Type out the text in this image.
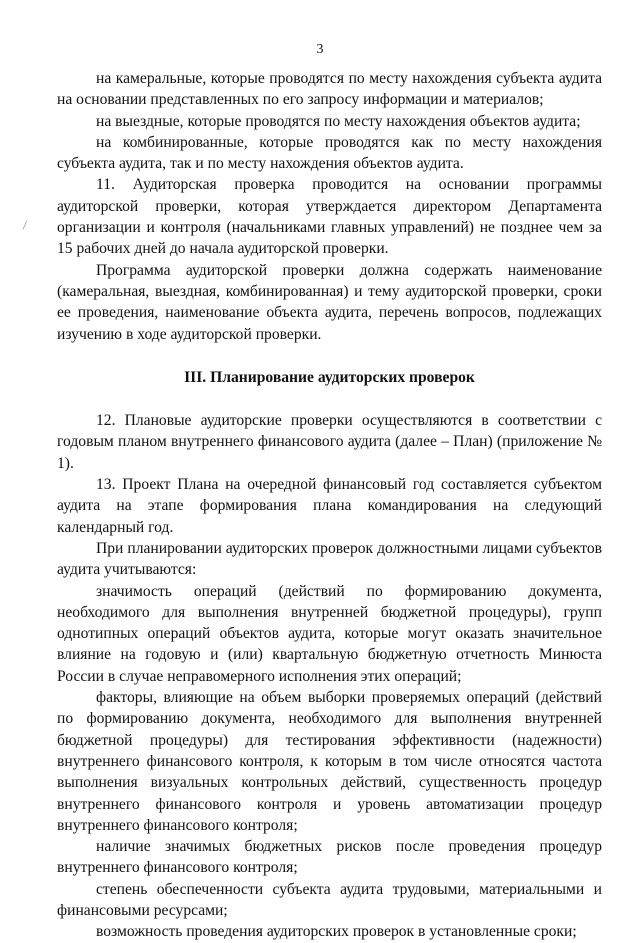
3
⁄

на камеральные, которые проводятся по месту нахождения субъекта аудита на основании представленных по его запросу информации и материалов;

на выездные, которые проводятся по месту нахождения объектов аудита;

на комбинированные, которые проводятся как по месту нахождения субъекта аудита, так и по месту нахождения объектов аудита.

11. Аудиторская проверка проводится на основании программы аудиторской проверки, которая утверждается директором Департамента организации и контроля (начальниками главных управлений) не позднее чем за 15 рабочих дней до начала аудиторской проверки.

Программа аудиторской проверки должна содержать наименование (камеральная, выездная, комбинированная) и тему аудиторской проверки, сроки ее проведения, наименование объекта аудита, перечень вопросов, подлежащих изучению в ходе аудиторской проверки.

III. Планирование аудиторских проверок

12. Плановые аудиторские проверки осуществляются в соответствии с годовым планом внутреннего финансового аудита (далее – План) (приложение № 1).

13. Проект Плана на очередной финансовый год составляется субъектом аудита на этапе формирования плана командирования на следующий календарный год.

При планировании аудиторских проверок должностными лицами субъектов аудита учитываются:

значимость операций (действий по формированию документа, необходимого для выполнения внутренней бюджетной процедуры), групп однотипных операций объектов аудита, которые могут оказать значительное влияние на годовую и (или) квартальную бюджетную отчетность Минюста России в случае неправомерного исполнения этих операций;

факторы, влияющие на объем выборки проверяемых операций (действий по формированию документа, необходимого для выполнения внутренней бюджетной процедуры) для тестирования эффективности (надежности) внутреннего финансового контроля, к которым в том числе относятся частота выполнения визуальных контрольных действий, существенность процедур внутреннего финансового контроля и уровень автоматизации процедур внутреннего финансового контроля;

наличие значимых бюджетных рисков после проведения процедур внутреннего финансового контроля;

степень обеспеченности субъекта аудита трудовыми, материальными и финансовыми ресурсами;

возможность проведения аудиторских проверок в установленные сроки;
